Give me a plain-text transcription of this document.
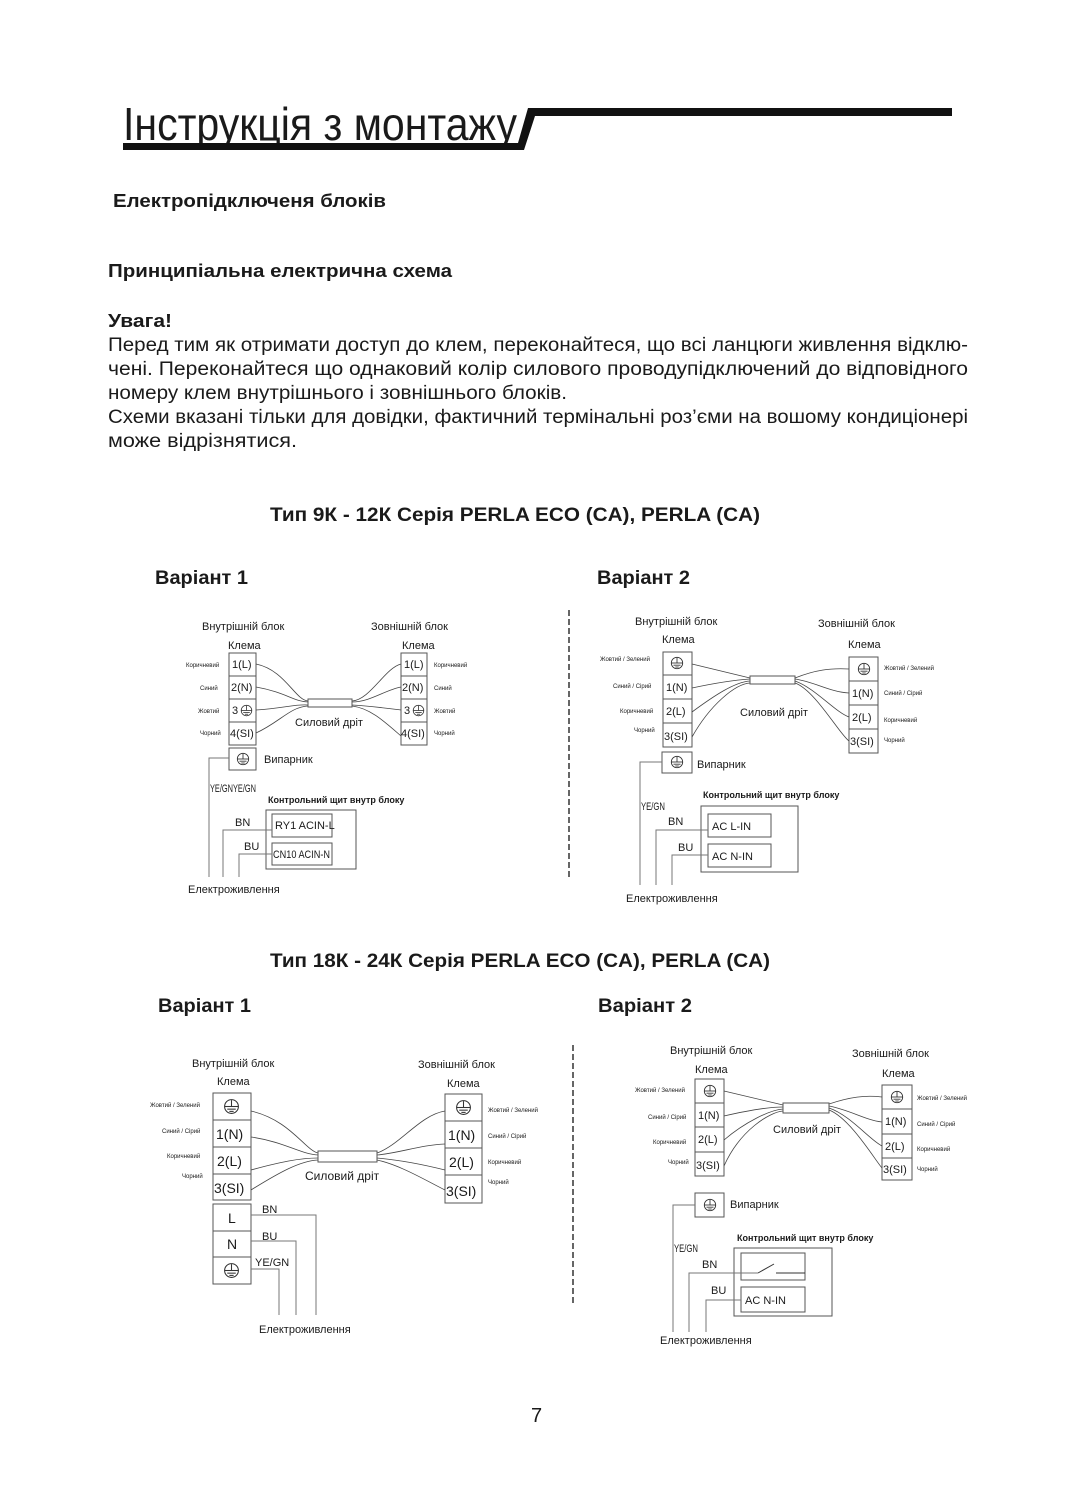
Інструкція з монтажу
Електропідключеня блоків
Принципіальна електрична схема
Увага!
Перед тим як отримати доступ до клем, переконайтеся, що всі ланцюги живлення відклю-
чені. Переконайтеся що однаковий колір силового проводупідключений до відповідного
номеру клем внутрішнього і зовнішнього блоків.
Схеми вказані тільки для довідки, фактичний термінальні роз’єми на вошому кондиціонері
може відрізнятися.
Тип 9К - 12К Серія PERLA ECO (CA), PERLA (CA)
Варіант 1	Варіант 2
Внутрішній блок	Зовнішній блок
Клема	Клема
1(L)
2(N)
3
4(SI)
Коричневий
Синий
Жовтий
Чорний
1(L)
2(N)
3
4(SI)
Коричневий
Синий
Жовтий
Чорний
Силовий дріт
Випарник
YE/GNYE/GN
Контрольний щит внутр блоку
RY1 ACIN-L
CN10 ACIN-N
BN
BU
Електроживлення
Внутрішній блок	Зовнішній блок
Клема	Клема
1(N)
2(L)
3(SI)
Жовтий / Зелений
Синий / Сірий
Коричневий
Чорний
1(N)
2(L)
3(SI)
Жовтий / Зелений
Синий / Сірий
Коричневий
Чорний
Силовий дріт
Випарник
YE/GN
Контрольний щит внутр блоку
AC L-IN
AC N-IN
BN
BU
Електроживлення
Тип 18К - 24К Серія PERLA ECO (CA), PERLA (CA)
Варіант 1	Варіант 2
Внутрішній блок	Зовнішній блок
Клема	Клема
1(N)
2(L)
3(SI)
Жовтий / Зелений
Синий / Сірий
Коричневий
Чорний
1(N)
2(L)
3(SI)
Жовтий / Зелений
Синий / Сірий
Коричневий
Чорний
Силовий дріт
L
N
BN
BU
YE/GN
Електроживлення
Внутрішній блок	Зовнішній блок
Клема	Клема
1(N)
2(L)
3(SI)
Жовтий / Зелений
Синий / Сірий
Коричневий
Чорний
1(N)
2(L)
3(SI)
Жовтий / Зелений
Синий / Сірий
Коричневий
Чорний
Силовий дріт
Випарник
YE/GN
Контрольний щит внутр блоку
AC N-IN
BN
BU
Електроживлення
7
